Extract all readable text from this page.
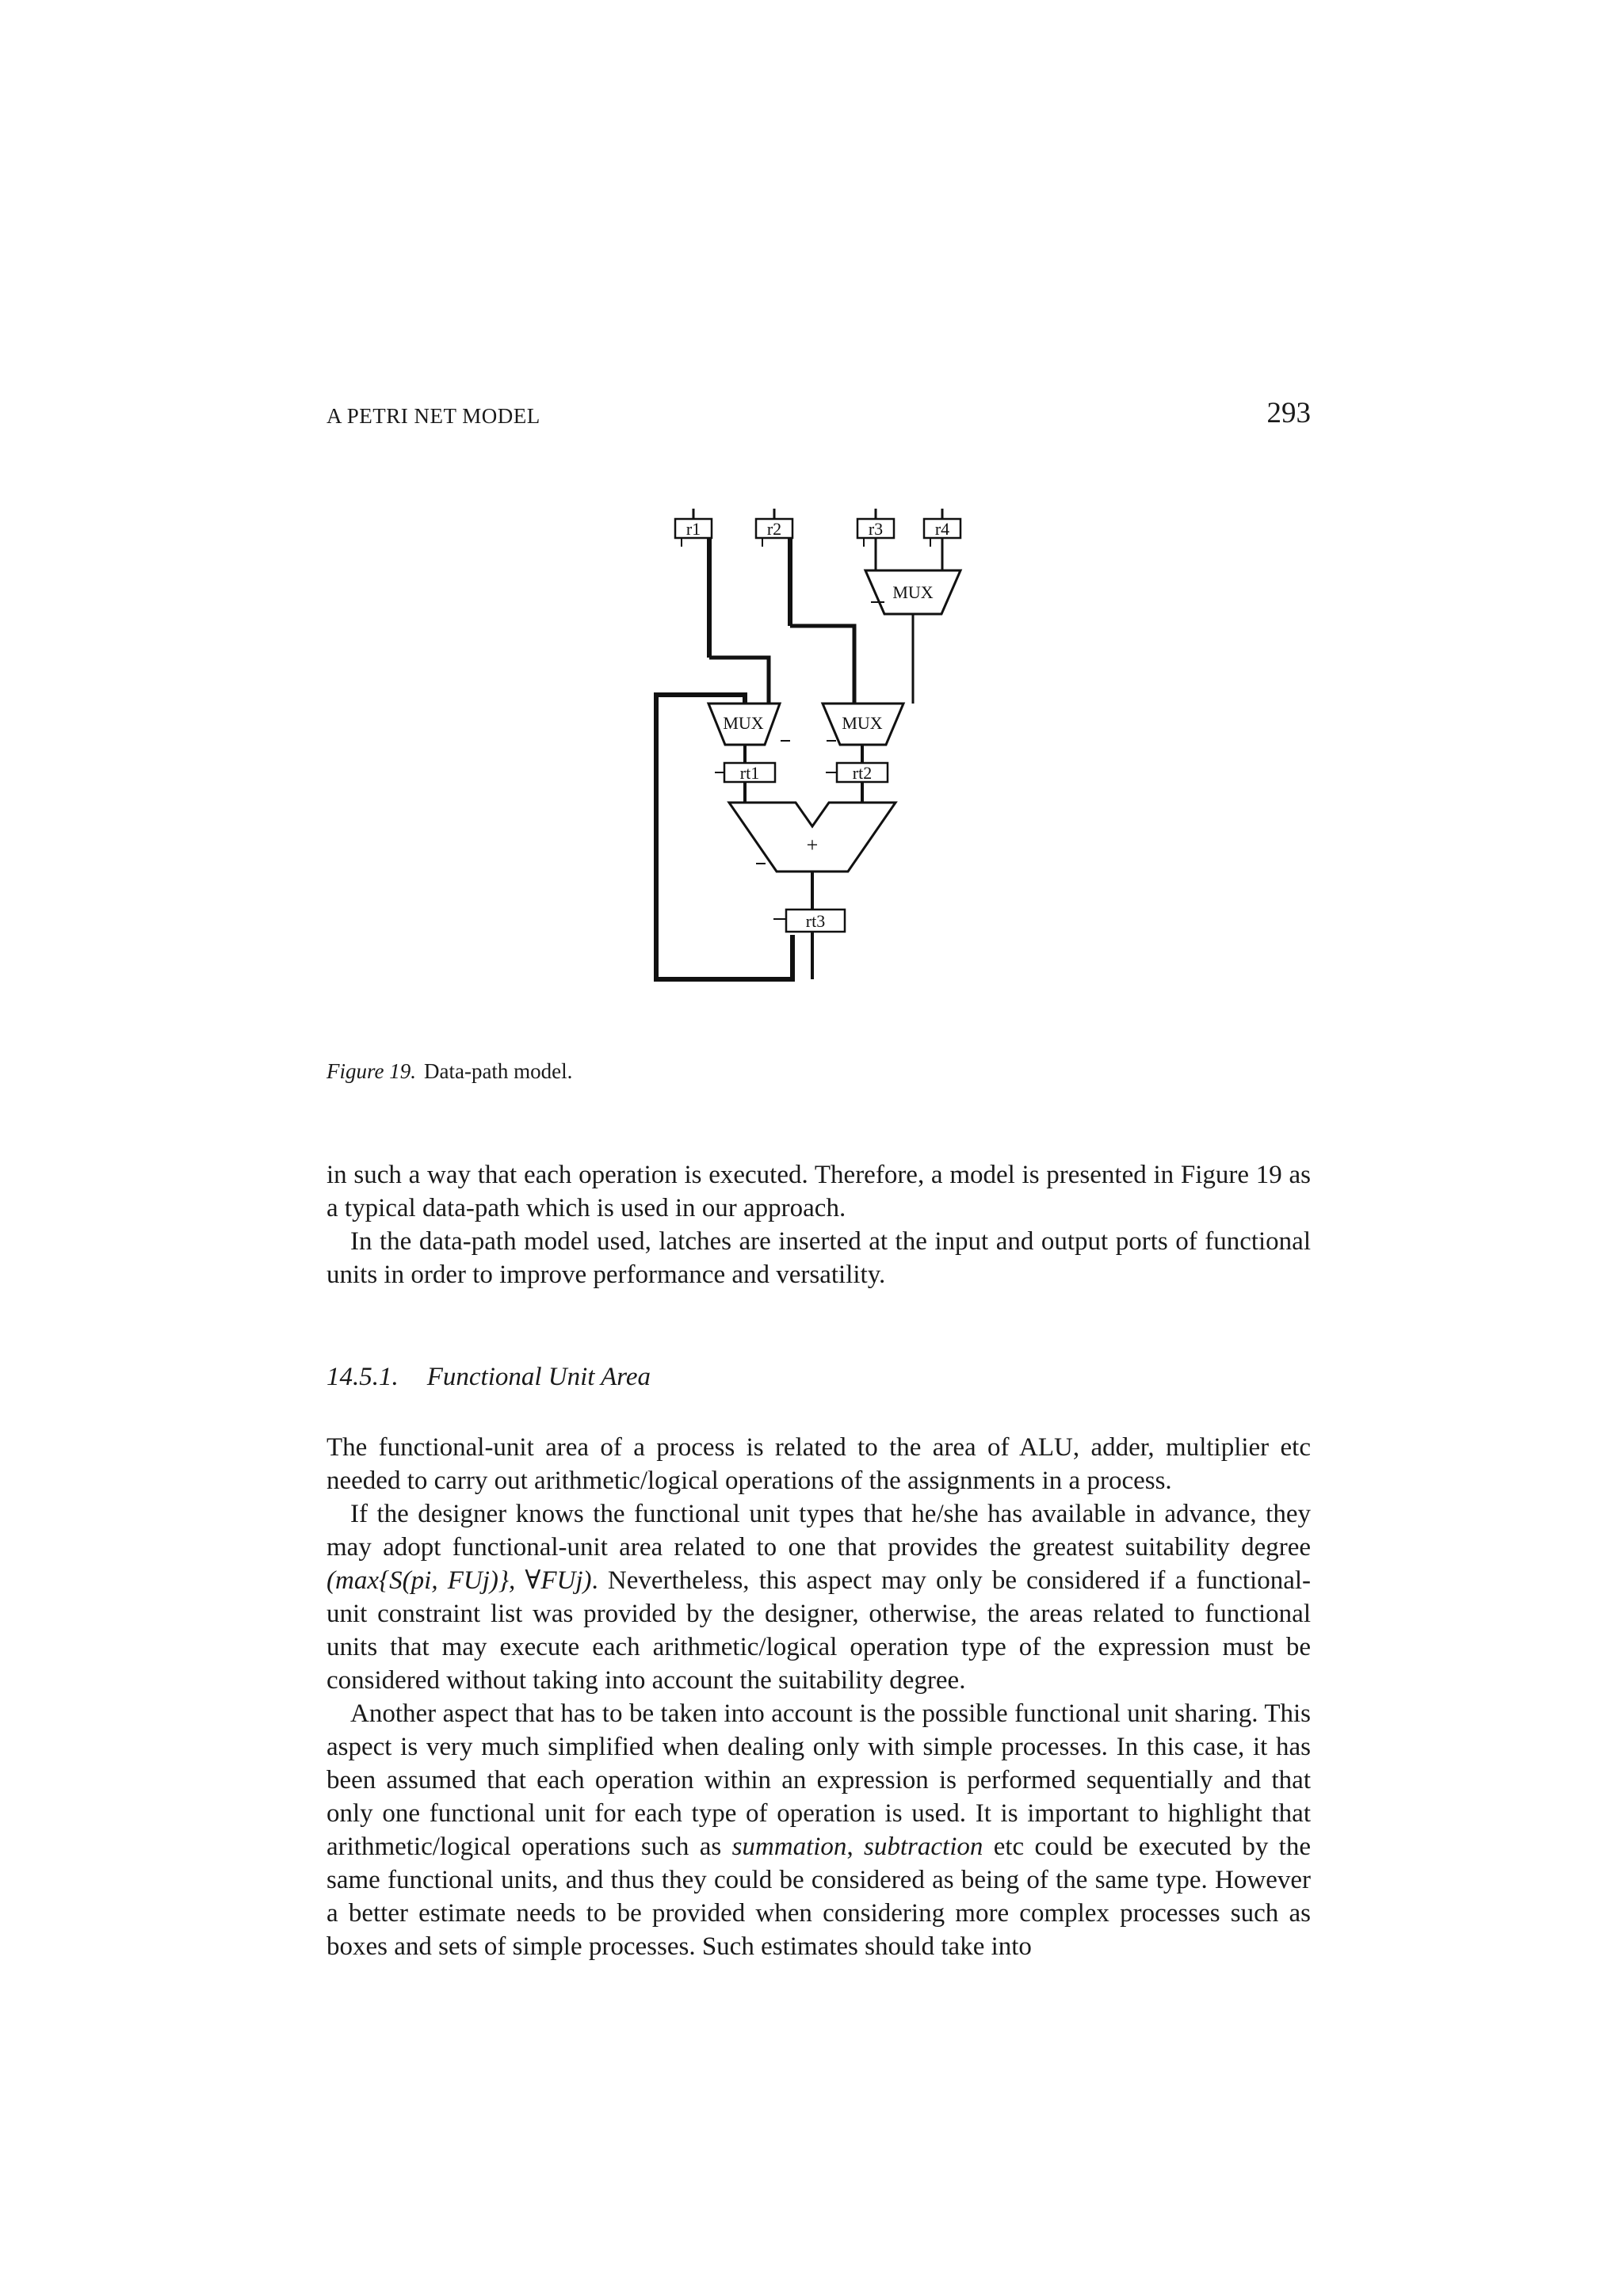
A PETRI NET MODEL	293
r1	r2	r3	r4
MUX
MUX	MUX
rt1	rt2
+
rt3
Figure 19. Data-path model.

in such a way that each operation is executed. Therefore, a model is presented in Figure 19 as a typical data-path which is used in our approach.

In the data-path model used, latches are inserted at the input and output ports of functional units in order to improve performance and versatility.

14.5.1. Functional Unit Area

The functional-unit area of a process is related to the area of ALU, adder, multiplier etc needed to carry out arithmetic/logical operations of the assignments in a process.

If the designer knows the functional unit types that he/she has available in advance, they may adopt functional-unit area related to one that provides the greatest suitability degree (max{S(pi, FUj)}, ∀FUj). Nevertheless, this aspect may only be considered if a functional-unit constraint list was provided by the designer, otherwise, the areas related to functional units that may execute each arithmetic/logical operation type of the expression must be considered without taking into account the suitability degree.

Another aspect that has to be taken into account is the possible functional unit sharing. This aspect is very much simplified when dealing only with simple processes. In this case, it has been assumed that each operation within an expression is performed sequentially and that only one functional unit for each type of operation is used. It is important to highlight that arithmetic/logical operations such as summation, subtraction etc could be executed by the same functional units, and thus they could be considered as being of the same type. However a better estimate needs to be provided when considering more complex processes such as boxes and sets of simple processes. Such estimates should take into
